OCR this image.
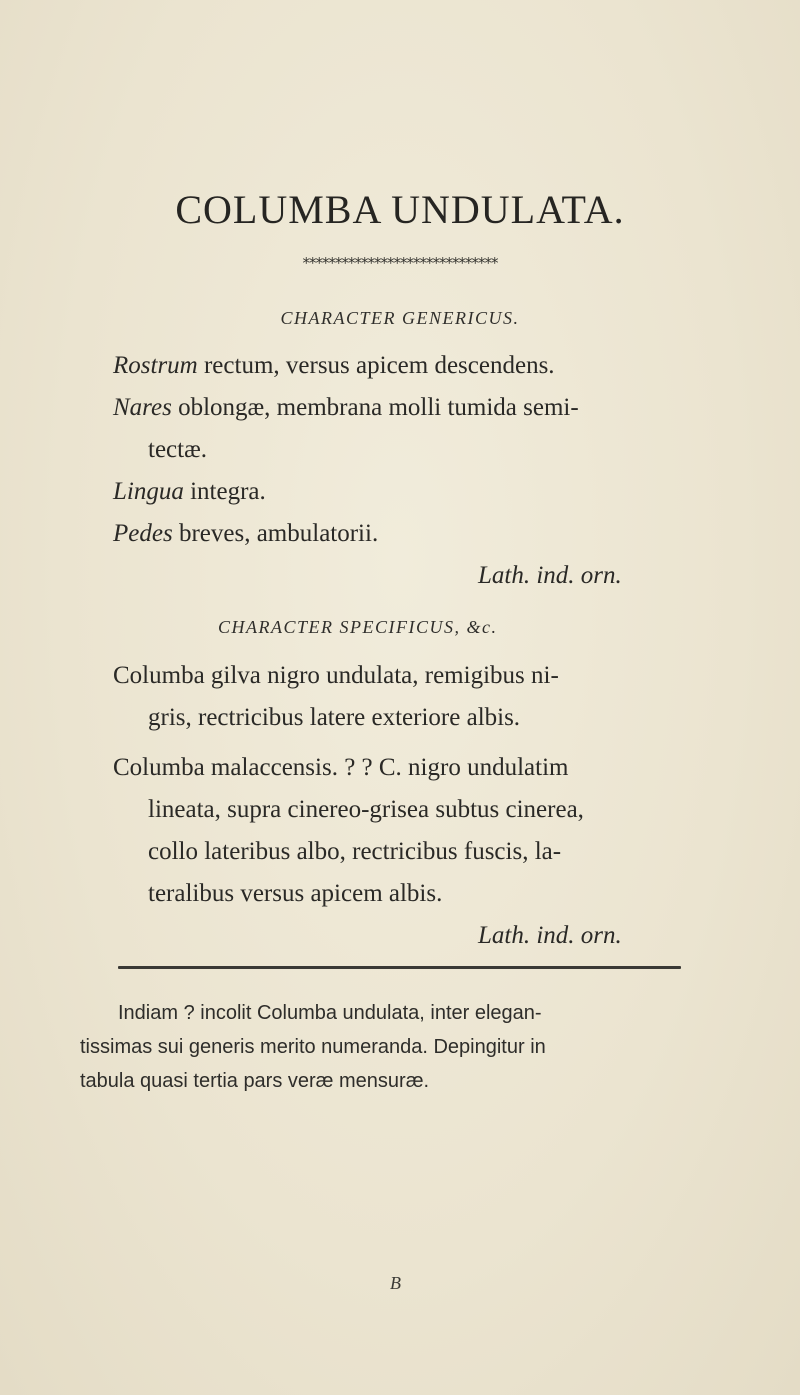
COLUMBA UNDULATA.
******************************
CHARACTER GENERICUS.
Rostrum rectum, versus apicem descendens.
Nares oblongæ, membrana molli tumida semi-
tectæ.
Lingua integra.
Pedes breves, ambulatorii.
Lath. ind. orn.
CHARACTER SPECIFICUS, &c.
Columba gilva nigro undulata, remigibus ni-
gris, rectricibus latere exteriore albis.
Columba malaccensis. ? ? C. nigro undulatim
lineata, supra cinereo-grisea subtus cinerea,
collo lateribus albo, rectricibus fuscis, la-
teralibus versus apicem albis.
Lath. ind. orn.
Indiam ? incolit Columba undulata, inter elegan-
tissimas sui generis merito numeranda. Depingitur in
tabula quasi tertia pars veræ mensuræ.
B
